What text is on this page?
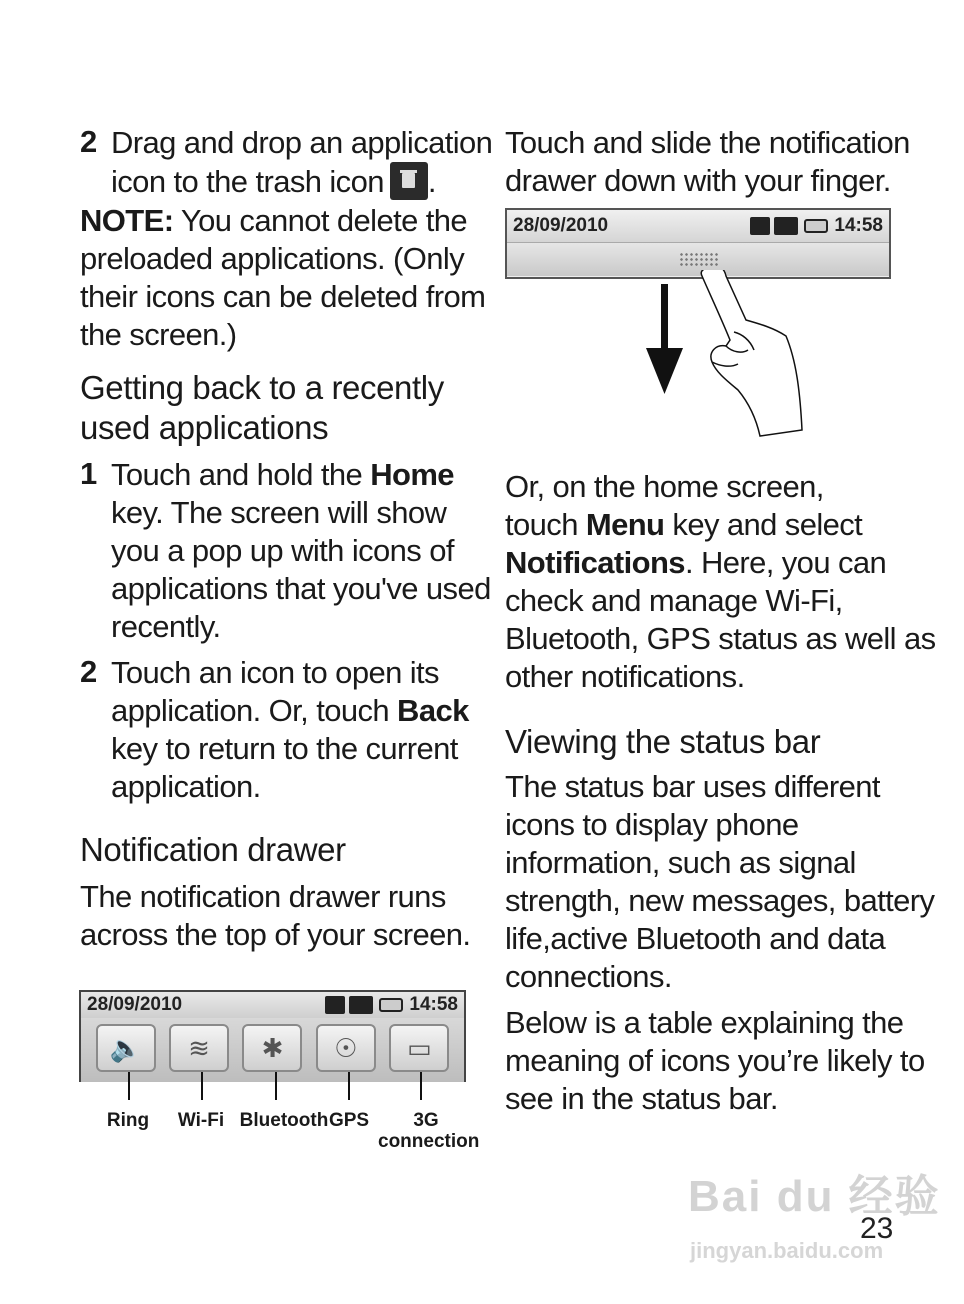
2 Drag and drop an application
icon to the trash icon .
NOTE: You cannot delete the
preloaded applications. (Only
their icons can be deleted from
the screen.)
Getting back to a recently
used applications
1 Touch and hold the Home
key. The screen will show
you a pop up with icons of
applications that you've used
recently.
2 Touch an icon to open its
application. Or, touch Back
key to return to the current
application.
Notification drawer
The notification drawer runs
across the top of your screen.
28/09/2010	14:58
🔈	≋	✱	☉	▭
Ring	Wi-Fi Bluetooth GPS	3G
connection
Touch and slide the notification
drawer down with your finger.
28/09/2010	14:58
Or, on the home screen,
touch Menu key and select
Notifications. Here, you can
check and manage Wi-Fi,
Bluetooth, GPS status as well as
other notifications.
Viewing the status bar
The status bar uses different
icons to display phone
information, such as signal
strength, new messages, battery
life,active Bluetooth and data
connections.
Below is a table explaining the
meaning of icons you’re likely to
see in the status bar.
Bai du 经验
jingyan.baidu.com
23
